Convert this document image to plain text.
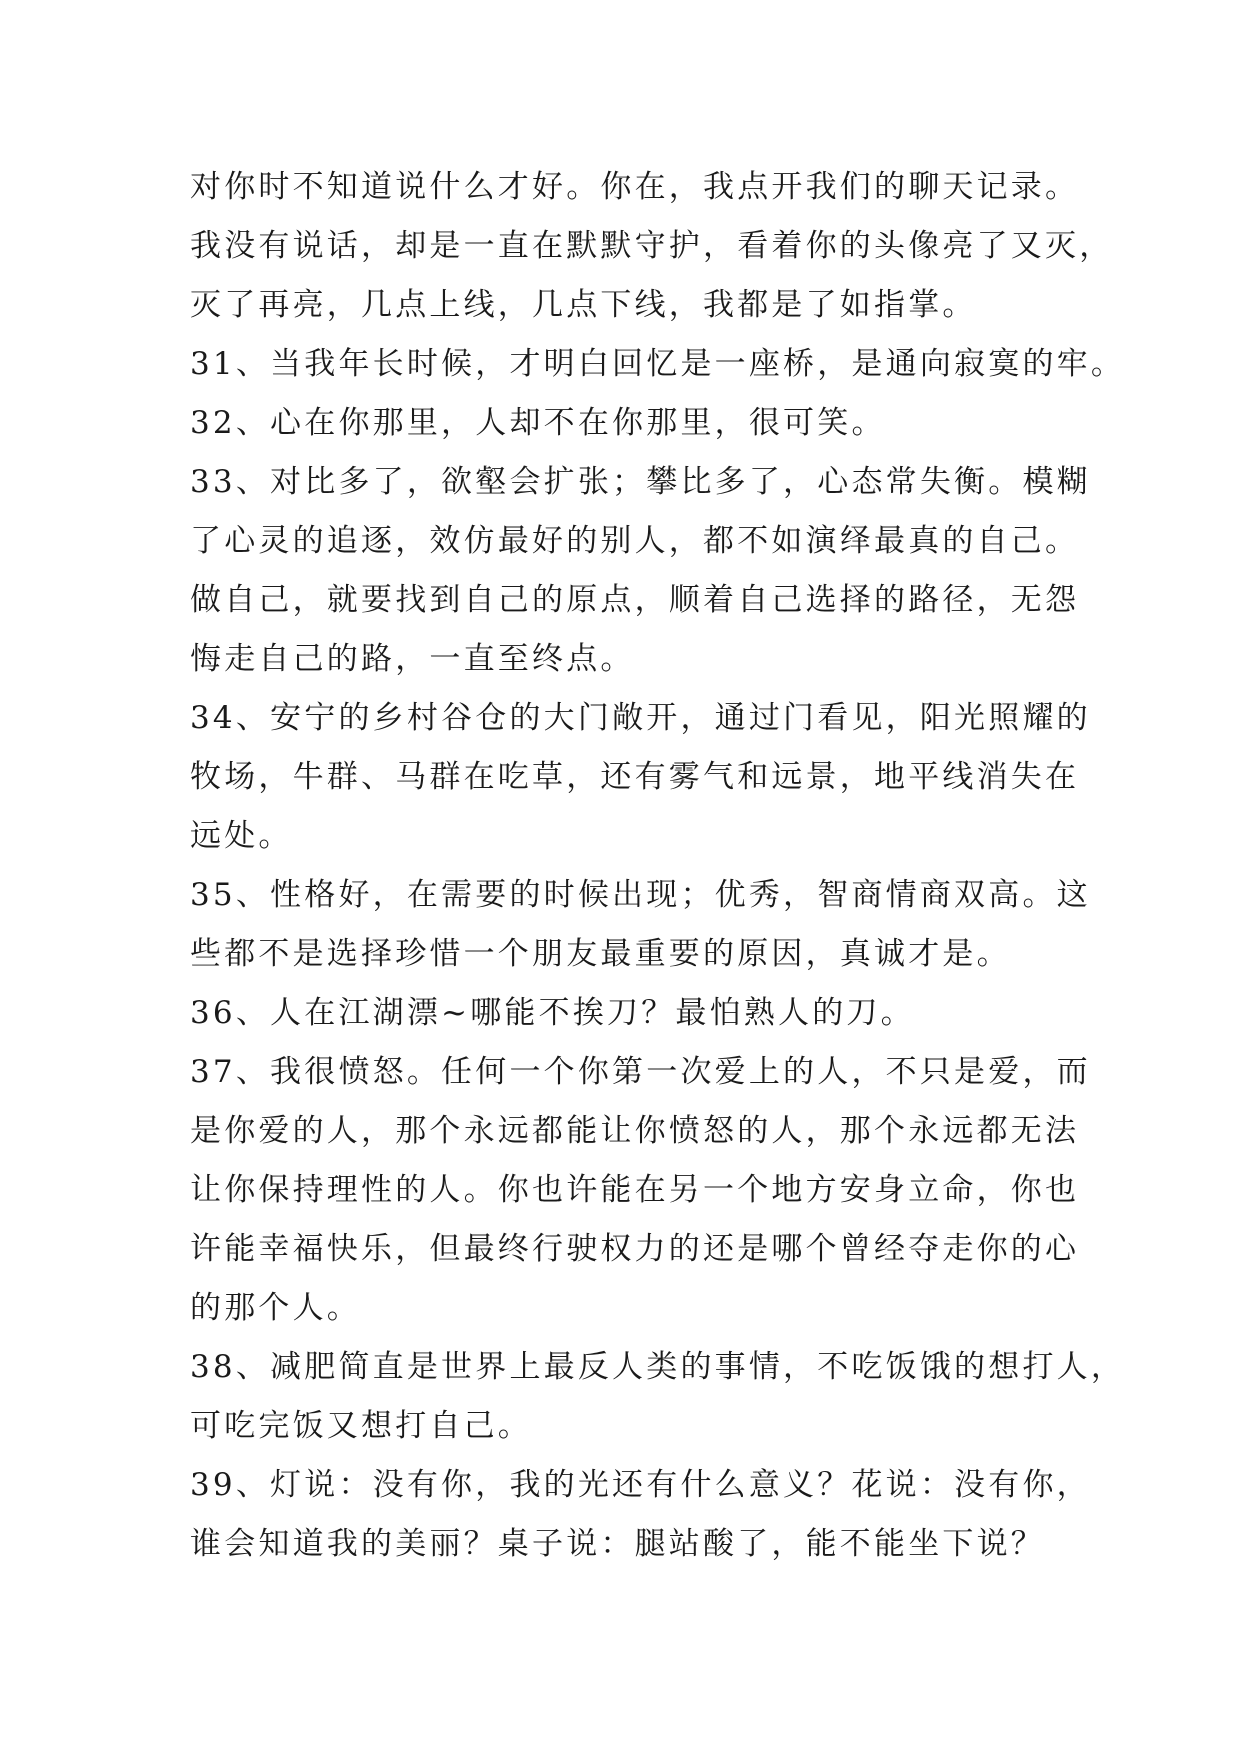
对你时不知道说什么才好。你在，我点开我们的聊天记录。
我没有说话，却是一直在默默守护，看着你的头像亮了又灭，
灭了再亮，几点上线，几点下线，我都是了如指掌。
31、当我年长时候，才明白回忆是一座桥，是通向寂寞的牢。
32、心在你那里，人却不在你那里，很可笑。
33、对比多了，欲壑会扩张；攀比多了，心态常失衡。模糊
了心灵的追逐，效仿最好的别人，都不如演绎最真的自己。
做自己，就要找到自己的原点，顺着自己选择的路径，无怨
悔走自己的路，一直至终点。
34、安宁的乡村谷仓的大门敞开，通过门看见，阳光照耀的
牧场，牛群、马群在吃草，还有雾气和远景，地平线消失在
远处。
35、性格好，在需要的时候出现；优秀，智商情商双高。这
些都不是选择珍惜一个朋友最重要的原因，真诚才是。
36、人在江湖漂~哪能不挨刀？最怕熟人的刀。
37、我很愤怒。任何一个你第一次爱上的人，不只是爱，而
是你爱的人，那个永远都能让你愤怒的人，那个永远都无法
让你保持理性的人。你也许能在另一个地方安身立命，你也
许能幸福快乐，但最终行驶权力的还是哪个曾经夺走你的心
的那个人。
38、减肥简直是世界上最反人类的事情，不吃饭饿的想打人，
可吃完饭又想打自己。
39、灯说：没有你，我的光还有什么意义？花说：没有你，
谁会知道我的美丽？桌子说：腿站酸了，能不能坐下说？
